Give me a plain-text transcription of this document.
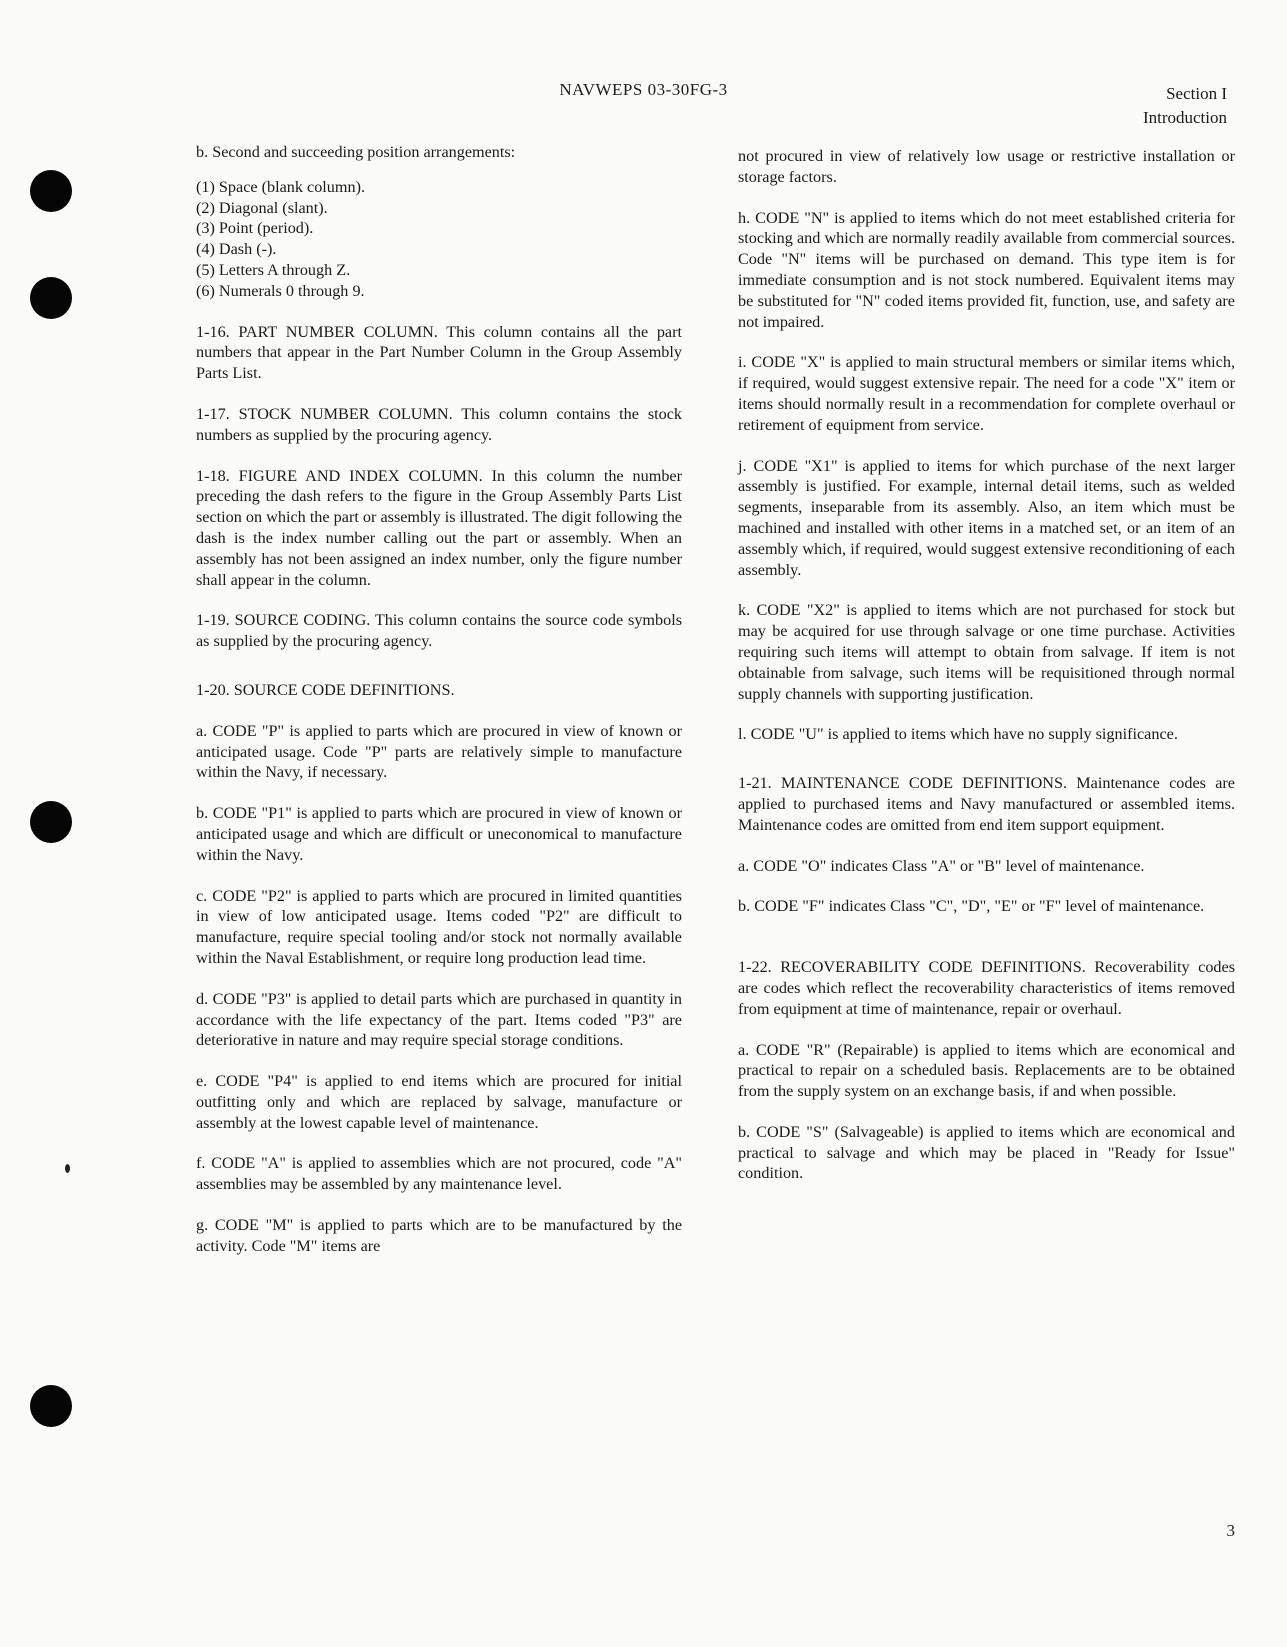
NAVWEPS 03-30FG-3	Section I
Introduction

b. Second and succeeding position arrangements:

(1) Space (blank column).
(2) Diagonal (slant).
(3) Point (period).
(4) Dash (-).
(5) Letters A through Z.
(6) Numerals 0 through 9.

1-16. PART NUMBER COLUMN. This column contains all the part numbers that appear in the Part Number Column in the Group Assembly Parts List.

1-17. STOCK NUMBER COLUMN. This column contains the stock numbers as supplied by the procuring agency.

1-18. FIGURE AND INDEX COLUMN. In this column the number preceding the dash refers to the figure in the Group Assembly Parts List section on which the part or assembly is illustrated. The digit following the dash is the index number calling out the part or assembly. When an assembly has not been assigned an index number, only the figure number shall appear in the column.

1-19. SOURCE CODING. This column contains the source code symbols as supplied by the procuring agency.

1-20. SOURCE CODE DEFINITIONS.

a. CODE "P" is applied to parts which are procured in view of known or anticipated usage. Code "P" parts are relatively simple to manufacture within the Navy, if necessary.

b. CODE "P1" is applied to parts which are procured in view of known or anticipated usage and which are difficult or uneconomical to manufacture within the Navy.

c. CODE "P2" is applied to parts which are procured in limited quantities in view of low anticipated usage. Items coded "P2" are difficult to manufacture, require special tooling and/or stock not normally available within the Naval Establishment, or require long production lead time.

d. CODE "P3" is applied to detail parts which are purchased in quantity in accordance with the life expectancy of the part. Items coded "P3" are deteriorative in nature and may require special storage conditions.

e. CODE "P4" is applied to end items which are procured for initial outfitting only and which are replaced by salvage, manufacture or assembly at the lowest capable level of maintenance.

f. CODE "A" is applied to assemblies which are not procured, code "A" assemblies may be assembled by any maintenance level.

g. CODE "M" is applied to parts which are to be manufactured by the activity. Code "M" items are

not procured in view of relatively low usage or restrictive installation or storage factors.

h. CODE "N" is applied to items which do not meet established criteria for stocking and which are normally readily available from commercial sources. Code "N" items will be purchased on demand. This type item is for immediate consumption and is not stock numbered. Equivalent items may be substituted for "N" coded items provided fit, function, use, and safety are not impaired.

i. CODE "X" is applied to main structural members or similar items which, if required, would suggest extensive repair. The need for a code "X" item or items should normally result in a recommendation for complete overhaul or retirement of equipment from service.

j. CODE "X1" is applied to items for which purchase of the next larger assembly is justified. For example, internal detail items, such as welded segments, inseparable from its assembly. Also, an item which must be machined and installed with other items in a matched set, or an item of an assembly which, if required, would suggest extensive reconditioning of each assembly.

k. CODE "X2" is applied to items which are not purchased for stock but may be acquired for use through salvage or one time purchase. Activities requiring such items will attempt to obtain from salvage. If item is not obtainable from salvage, such items will be requisitioned through normal supply channels with supporting justification.

l. CODE "U" is applied to items which have no supply significance.

1-21. MAINTENANCE CODE DEFINITIONS. Maintenance codes are applied to purchased items and Navy manufactured or assembled items. Maintenance codes are omitted from end item support equipment.

a. CODE "O" indicates Class "A" or "B" level of maintenance.

b. CODE "F" indicates Class "C", "D", "E" or "F" level of maintenance.

1-22. RECOVERABILITY CODE DEFINITIONS. Recoverability codes are codes which reflect the recoverability characteristics of items removed from equipment at time of maintenance, repair or overhaul.

a. CODE "R" (Repairable) is applied to items which are economical and practical to repair on a scheduled basis. Replacements are to be obtained from the supply system on an exchange basis, if and when possible.

b. CODE "S" (Salvageable) is applied to items which are economical and practical to salvage and which may be placed in "Ready for Issue" condition.

3
